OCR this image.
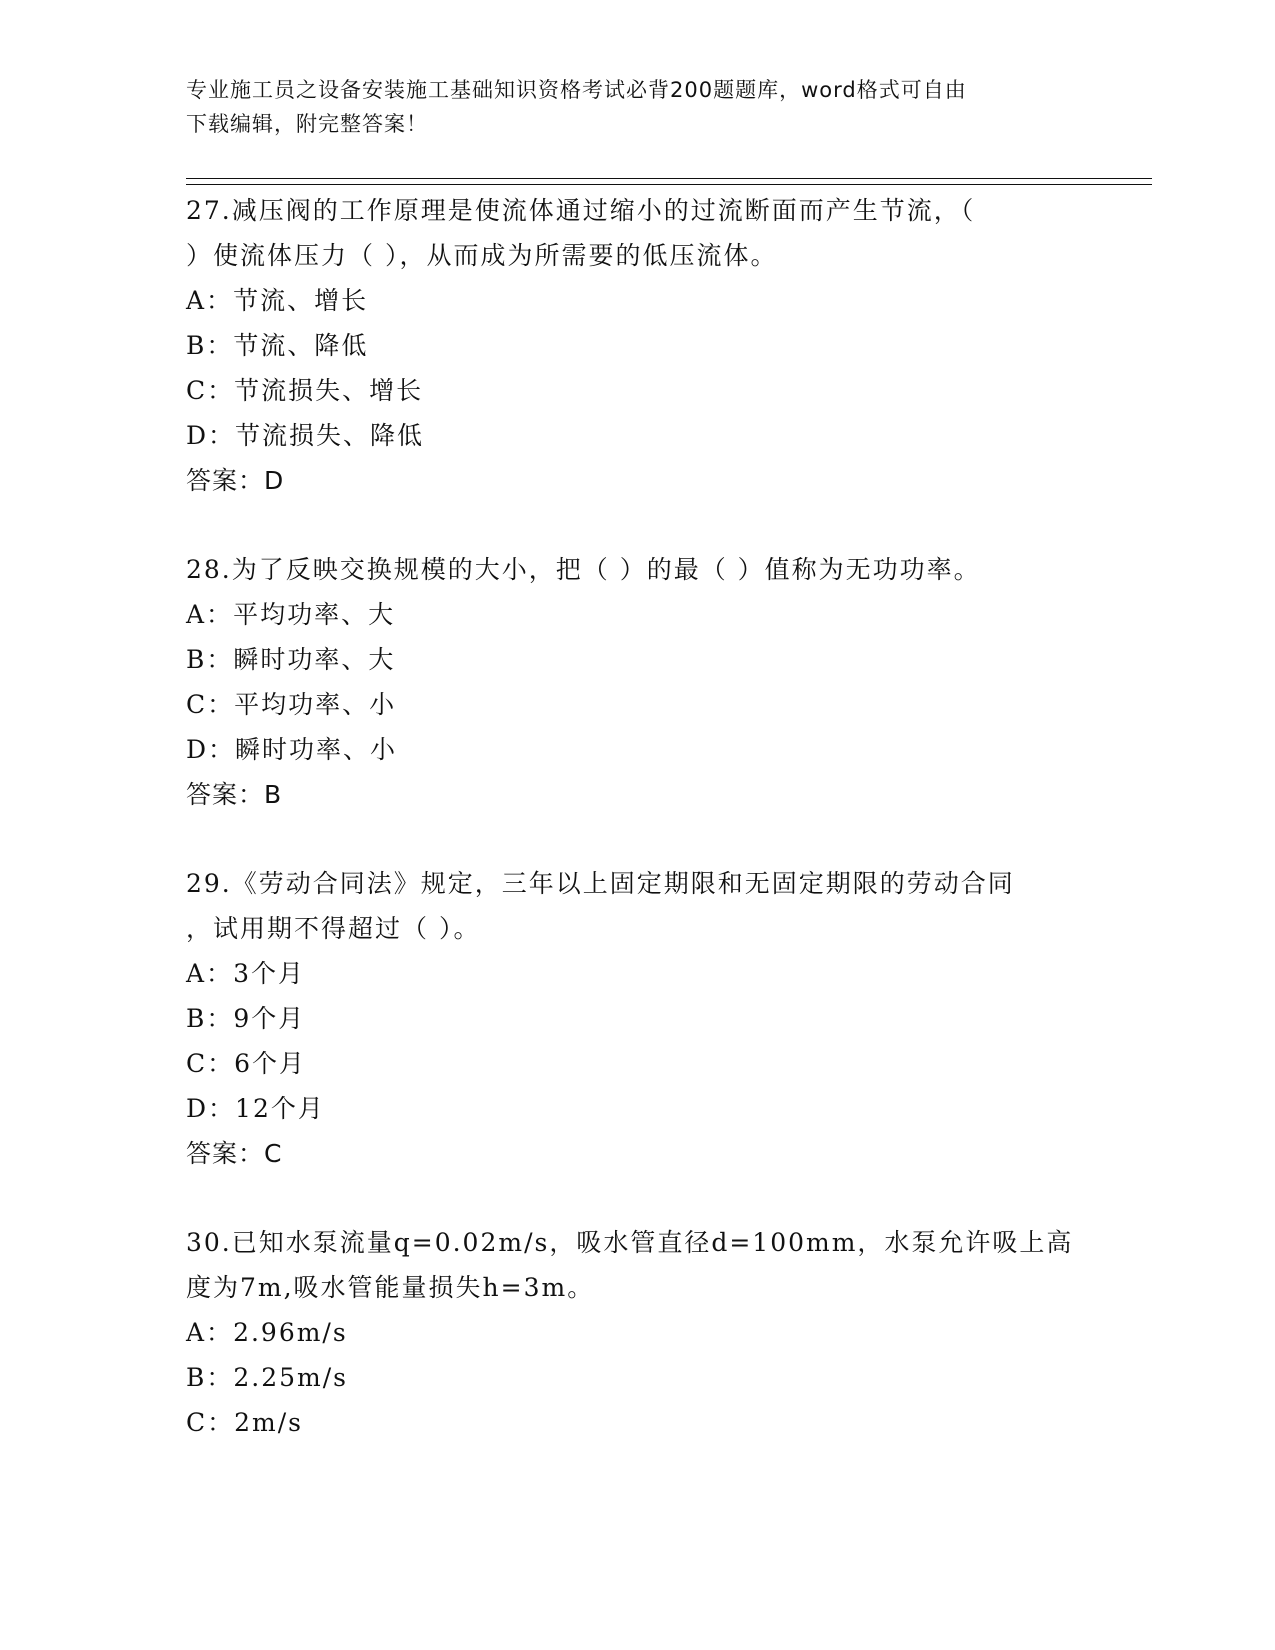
专业施工员之设备安装施工基础知识资格考试必背200题题库，word格式可自由
下载编辑，附完整答案！
27.减压阀的工作原理是使流体通过缩小的过流断面而产生节流，（
）使流体压力（ ），从而成为所需要的低压流体。
A：节流、增长
B：节流、降低
C：节流损失、增长
D：节流损失、降低
答案：D
28.为了反映交换规模的大小，把（ ）的最（ ）值称为无功功率。
A：平均功率、大
B：瞬时功率、大
C：平均功率、小
D：瞬时功率、小
答案：B
29.《劳动合同法》规定，三年以上固定期限和无固定期限的劳动合同
，试用期不得超过（ ）。
A：3个月
B：9个月
C：6个月
D：12个月
答案：C
30.已知水泵流量q=0.02m/s，吸水管直径d=100mm，水泵允许吸上高
度为7m,吸水管能量损失h=3m。
A：2.96m/s
B：2.25m/s
C：2m/s
